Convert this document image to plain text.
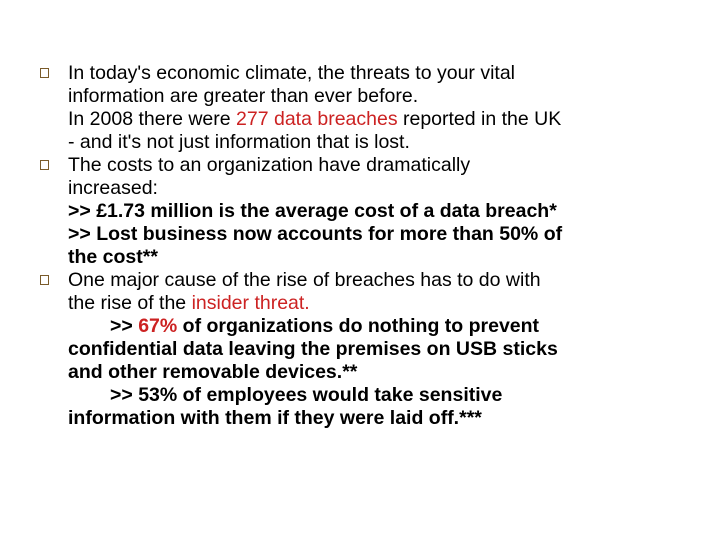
In today's economic climate, the threats to your vital
information are greater than ever before.
In 2008 there were 277 data breaches reported in the UK
- and it's not just information that is lost.
The costs to an organization have dramatically
increased:
>> £1.73 million is the average cost of a data breach*
>> Lost business now accounts for more than 50% of
the cost**
One major cause of the rise of breaches has to do with
the rise of the insider threat.
>> 67% of organizations do nothing to prevent
confidential data leaving the premises on USB sticks
and other removable devices.**
>> 53% of employees would take sensitive
information with them if they were laid off.***
